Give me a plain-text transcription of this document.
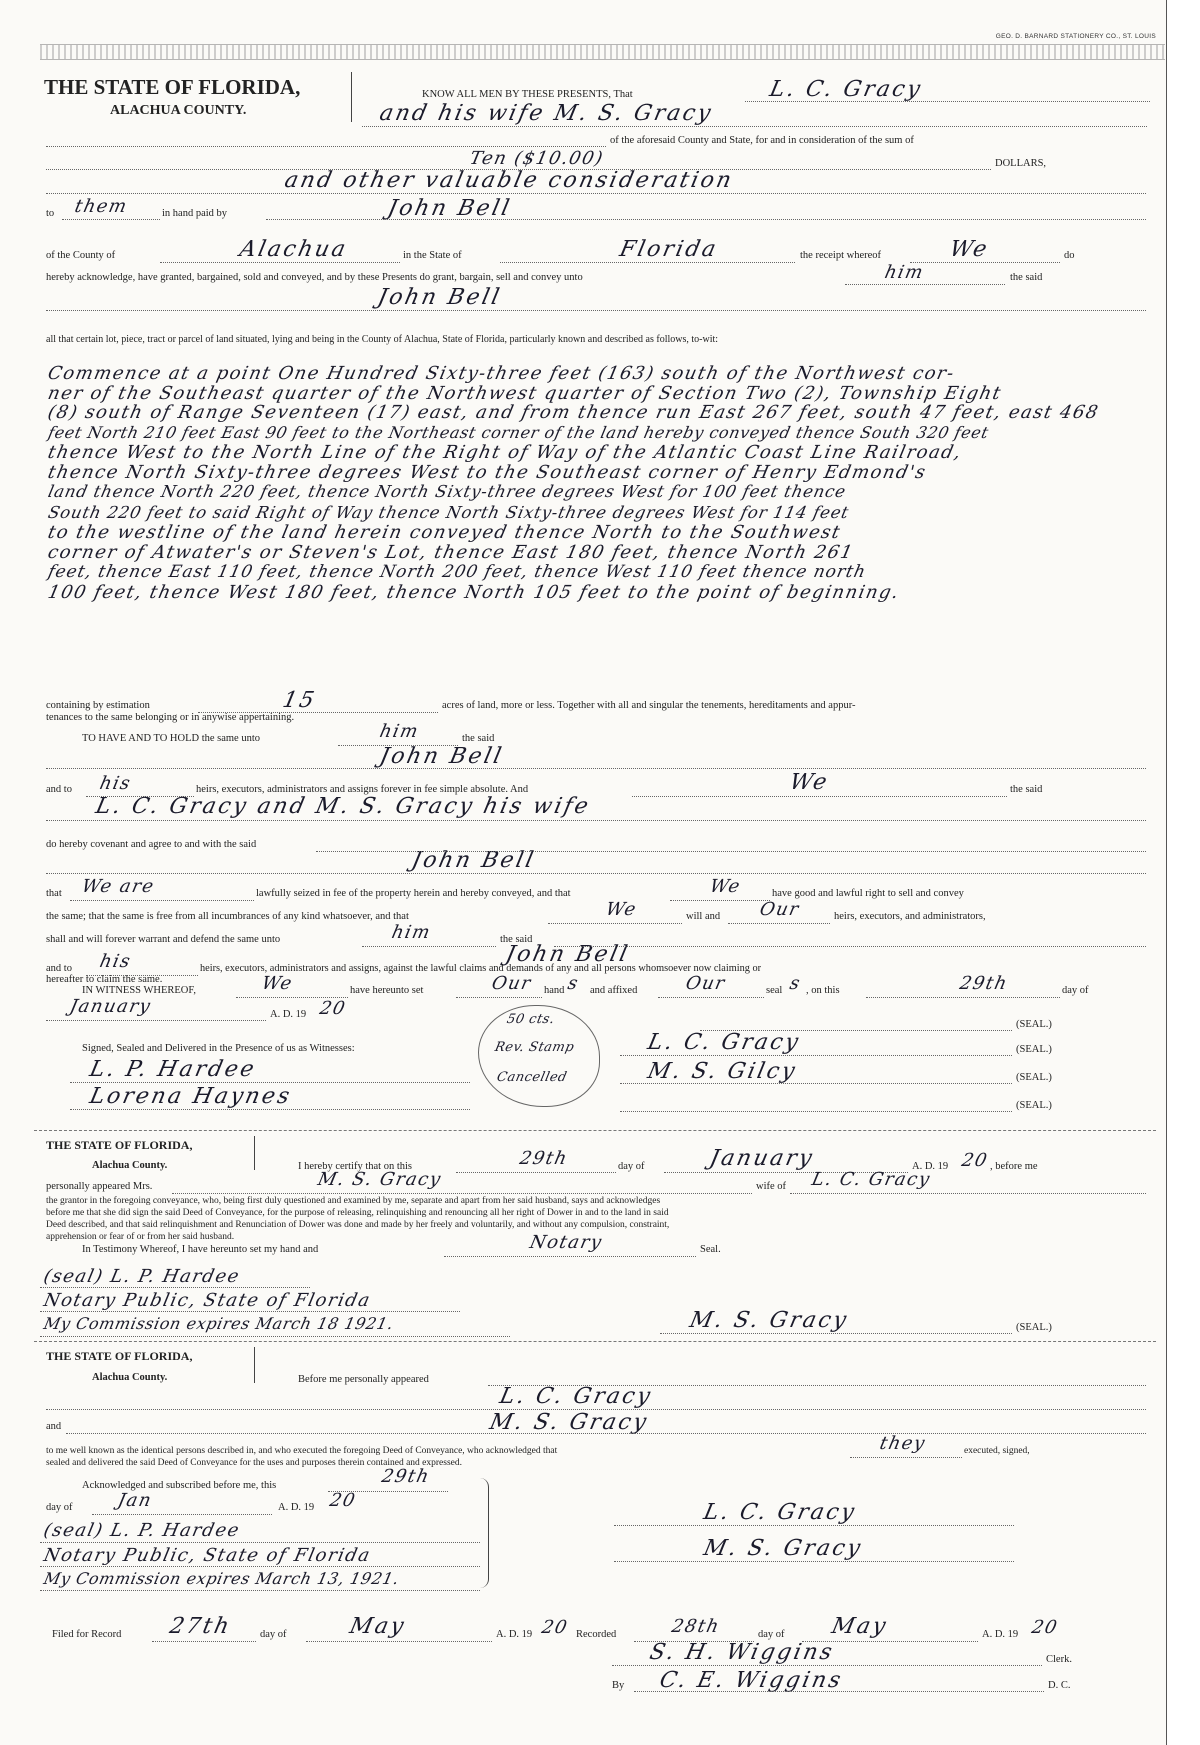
GEO. D. BARNARD STATIONERY CO., ST. LOUIS
THE STATE OF FLORIDA,
ALACHUA COUNTY.
KNOW ALL MEN BY THESE PRESENTS, That	L. C. Gracy
and his wife M. S. Gracy
of the aforesaid County and State, for and in consideration of the sum of
Ten ($10.00)	DOLLARS,
and other valuable consideration
to them	in hand paid by	John Bell
of the County of	Alachua	in the State of	Florida	the receipt whereof	We	do
hereby acknowledge, have granted, bargained, sold and conveyed, and by these Presents do grant, bargain, sell and convey unto	him	the said
John Bell
all that certain lot, piece, tract or parcel of land situated, lying and being in the County of Alachua, State of Florida, particularly known and described as follows, to-wit:
Commence at a point One Hundred Sixty-three feet (163) south of the Northwest cor-
ner of the Southeast quarter of the Northwest quarter of Section Two (2), Township Eight
(8) south of Range Seventeen (17) east, and from thence run East 267 feet, south 47 feet, east 468
feet North 210 feet East 90 feet to the Northeast corner of the land hereby conveyed thence South 320 feet
thence West to the North Line of the Right of Way of the Atlantic Coast Line Railroad,
thence North Sixty-three degrees West to the Southeast corner of Henry Edmond's
land thence North 220 feet, thence North Sixty-three degrees West for 100 feet thence
South 220 feet to said Right of Way thence North Sixty-three degrees West for 114 feet
to the westline of the land herein conveyed thence North to the Southwest
corner of Atwater's or Steven's Lot, thence East 180 feet, thence North 261
feet, thence East 110 feet, thence North 200 feet, thence West 110 feet thence north
100 feet, thence West 180 feet, thence North 105 feet to the point of beginning.
containing by estimation	15	acres of land, more or less. Together with all and singular the tenements, hereditaments and appur-
tenances to the same belonging or in anywise appertaining.
TO HAVE AND TO HOLD the same unto	him	the said
John Bell
and to his	heirs, executors, administrators and assigns forever in fee simple absolute. And	We	the said
L. C. Gracy and M. S. Gracy his wife
do hereby covenant and agree to and with the said
John Bell
that We are	lawfully seized in fee of the property herein and hereby conveyed, and that	We	have good and lawful right to sell and convey
the same; that the same is free from all incumbrances of any kind whatsoever, and that	We	will and Our	heirs, executors, and administrators,
shall and will forever warrant and defend the same unto	him	the said
John Bell
and to his	heirs, executors, administrators and assigns, against the lawful claims and demands of any and all persons whomsoever now claiming or
hereafter to claim the same.
IN WITNESS WHEREOF,	We	have hereunto set	Our hand s and affixed	Our	seal s , on this	29th	day of
January	A. D. 19 20
(SEAL.)
Signed, Sealed and Delivered in the Presence of us as Witnesses:	L. C. Gracy	(SEAL.)
L. P. Hardee	M. S. Gilcy	(SEAL.)
Lorena Haynes	(SEAL.)
50 cts.
Rev. Stamp
Cancelled
THE STATE OF FLORIDA,
Alachua County.	I hereby certify that on this	29th	day of	January	A. D. 19 20 , before me
personally appeared Mrs.	M. S. Gracy	wife of L. C. Gracy
the grantor in the foregoing conveyance, who, being first duly questioned and examined by me, separate and apart from her said husband, says and acknowledges
before me that she did sign the said Deed of Conveyance, for the purpose of releasing, relinquishing and renouncing all her right of Dower in and to the land in said
Deed described, and that said relinquishment and Renunciation of Dower was done and made by her freely and voluntarily, and without any compulsion, constraint,
apprehension or fear of or from her said husband.
In Testimony Whereof, I have hereunto set my hand and	Notary	Seal.
(seal) L. P. Hardee
Notary Public, State of Florida
My Commission expires March 18 1921.	M. S. Gracy	(SEAL.)
THE STATE OF FLORIDA,
Alachua County.	Before me personally appeared
L. C. Gracy
and	M. S. Gracy
to me well known as the identical persons described in, and who executed the foregoing Deed of Conveyance, who acknowledged that	they	executed, signed,
sealed and delivered the said Deed of Conveyance for the uses and purposes therein contained and expressed.
Acknowledged and subscribed before me, this	29th
day of Jan	A. D. 19 20
(seal) L. P. Hardee
Notary Public, State of Florida
My Commission expires March 13, 1921.
L. C. Gracy
M. S. Gracy
Filed for Record 27th	day of	May	A. D. 19 20 Recorded	28th	day of May	A. D. 19 20
S. H. Wiggins	Clerk.
By C. E. Wiggins	D. C.
